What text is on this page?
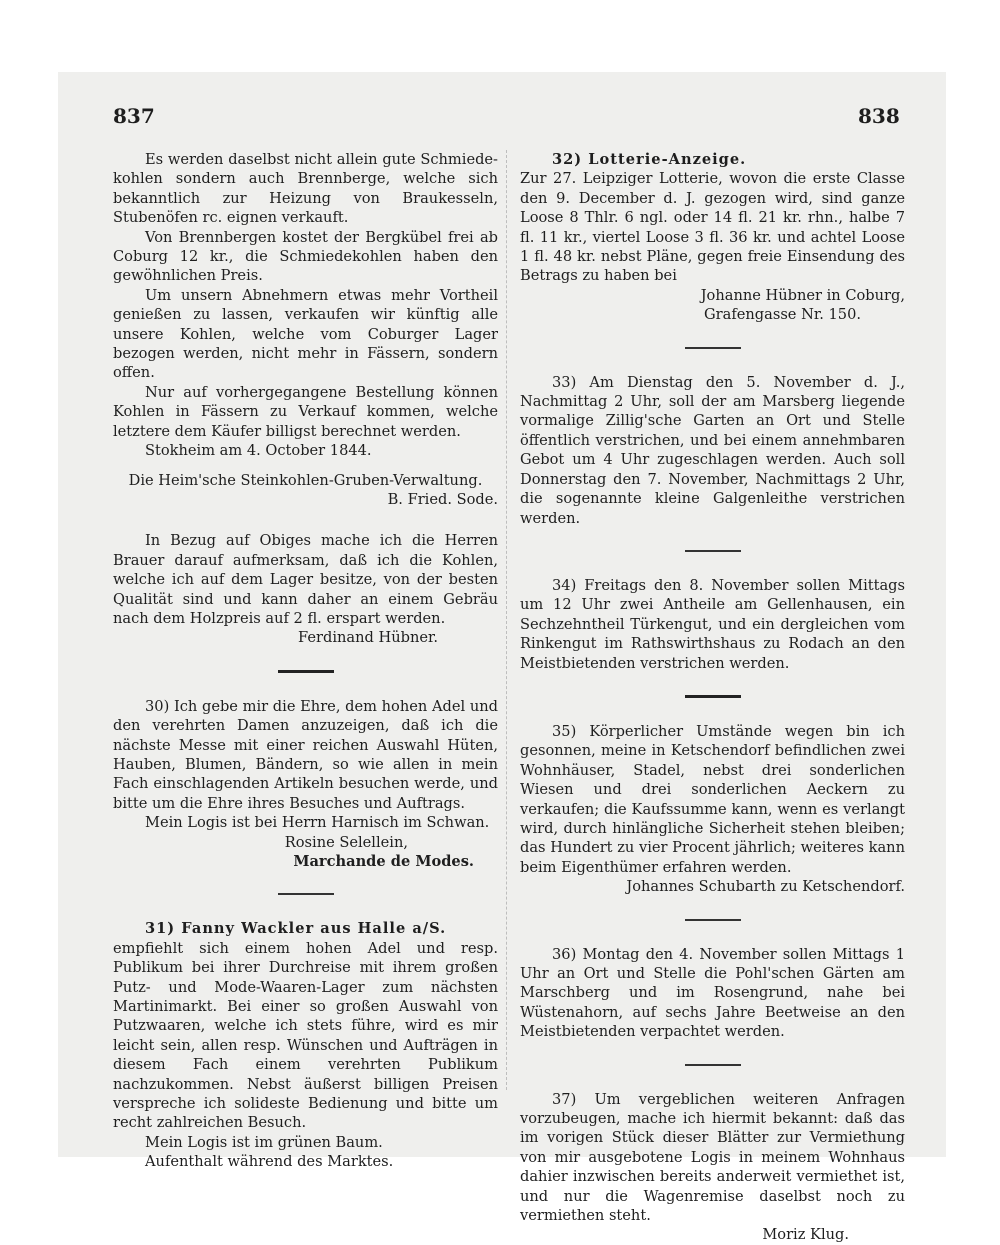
837	838

Es werden daselbst nicht allein gute Schmiede-kohlen sondern auch Brennberge, welche sich bekanntlich zur Heizung von Braukesseln, Stubenöfen rc. eignen verkauft.

Von Brennbergen kostet der Bergkübel frei ab Coburg 12 kr., die Schmiedekohlen haben den gewöhnlichen Preis.

Um unsern Abnehmern etwas mehr Vortheil genießen zu lassen, verkaufen wir künftig alle unsere Kohlen, welche vom Coburger Lager bezogen werden, nicht mehr in Fässern, sondern offen.

Nur auf vorhergegangene Bestellung können Kohlen in Fässern zu Verkauf kommen, welche letztere dem Käufer billigst berechnet werden.

Stokheim am 4. October 1844.

Die Heim'sche Steinkohlen-Gruben-Verwaltung.

B. Fried. Sode.

In Bezug auf Obiges mache ich die Herren Brauer darauf aufmerksam, daß ich die Kohlen, welche ich auf dem Lager besitze, von der besten Qualität sind und kann daher an einem Gebräu nach dem Holzpreis auf 2 fl. erspart werden.

Ferdinand Hübner.

30) Ich gebe mir die Ehre, dem hohen Adel und den verehrten Damen anzuzeigen, daß ich die nächste Messe mit einer reichen Auswahl Hüten, Hauben, Blumen, Bändern, so wie allen in mein Fach einschlagenden Artikeln besuchen werde, und bitte um die Ehre ihres Besuches und Auftrags.

Mein Logis ist bei Herrn Harnisch im Schwan.

Rosine Selellein,

Marchande de Modes.

31) Fanny Wackler aus Halle a/S.

empfiehlt sich einem hohen Adel und resp. Publikum bei ihrer Durchreise mit ihrem großen Putz- und Mode-Waaren-Lager zum nächsten Martinimarkt. Bei einer so großen Auswahl von Putzwaaren, welche ich stets führe, wird es mir leicht sein, allen resp. Wünschen und Aufträgen in diesem Fach einem verehrten Publikum nachzukommen. Nebst äußerst billigen Preisen verspreche ich solideste Bedienung und bitte um recht zahlreichen Besuch.

Mein Logis ist im grünen Baum.

Aufenthalt während des Marktes.

32) Lotterie-Anzeige.

Zur 27. Leipziger Lotterie, wovon die erste Classe den 9. December d. J. gezogen wird, sind ganze Loose 8 Thlr. 6 ngl. oder 14 fl. 21 kr. rhn., halbe 7 fl. 11 kr., viertel Loose 3 fl. 36 kr. und achtel Loose 1 fl. 48 kr. nebst Pläne, gegen freie Einsendung des Betrags zu haben bei

Johanne Hübner in Coburg,

Grafengasse Nr. 150.

33) Am Dienstag den 5. November d. J., Nachmittag 2 Uhr, soll der am Marsberg liegende vormalige Zillig'sche Garten an Ort und Stelle öffentlich verstrichen, und bei einem annehmbaren Gebot um 4 Uhr zugeschlagen werden. Auch soll Donnerstag den 7. November, Nachmittags 2 Uhr, die sogenannte kleine Galgenleithe verstrichen werden.

34) Freitags den 8. November sollen Mittags um 12 Uhr zwei Antheile am Gellenhausen, ein Sechzehntheil Türkengut, und ein dergleichen vom Rinkengut im Rathswirthshaus zu Rodach an den Meistbietenden verstrichen werden.

35) Körperlicher Umstände wegen bin ich gesonnen, meine in Ketschendorf befindlichen zwei Wohnhäuser, Stadel, nebst drei sonderlichen Wiesen und drei sonderlichen Aeckern zu verkaufen; die Kaufssumme kann, wenn es verlangt wird, durch hinlängliche Sicherheit stehen bleiben; das Hundert zu vier Procent jährlich; weiteres kann beim Eigenthümer erfahren werden.

Johannes Schubarth zu Ketschendorf.

36) Montag den 4. November sollen Mittags 1 Uhr an Ort und Stelle die Pohl'schen Gärten am Marschberg und im Rosengrund, nahe bei Wüstenahorn, auf sechs Jahre Beetweise an den Meistbietenden verpachtet werden.

37) Um vergeblichen weiteren Anfragen vorzubeugen, mache ich hiermit bekannt: daß das im vorigen Stück dieser Blätter zur Vermiethung von mir ausgebotene Logis in meinem Wohnhaus dahier inzwischen bereits anderweit vermiethet ist, und nur die Wagenremise daselbst noch zu vermiethen steht.

Moriz Klug.
